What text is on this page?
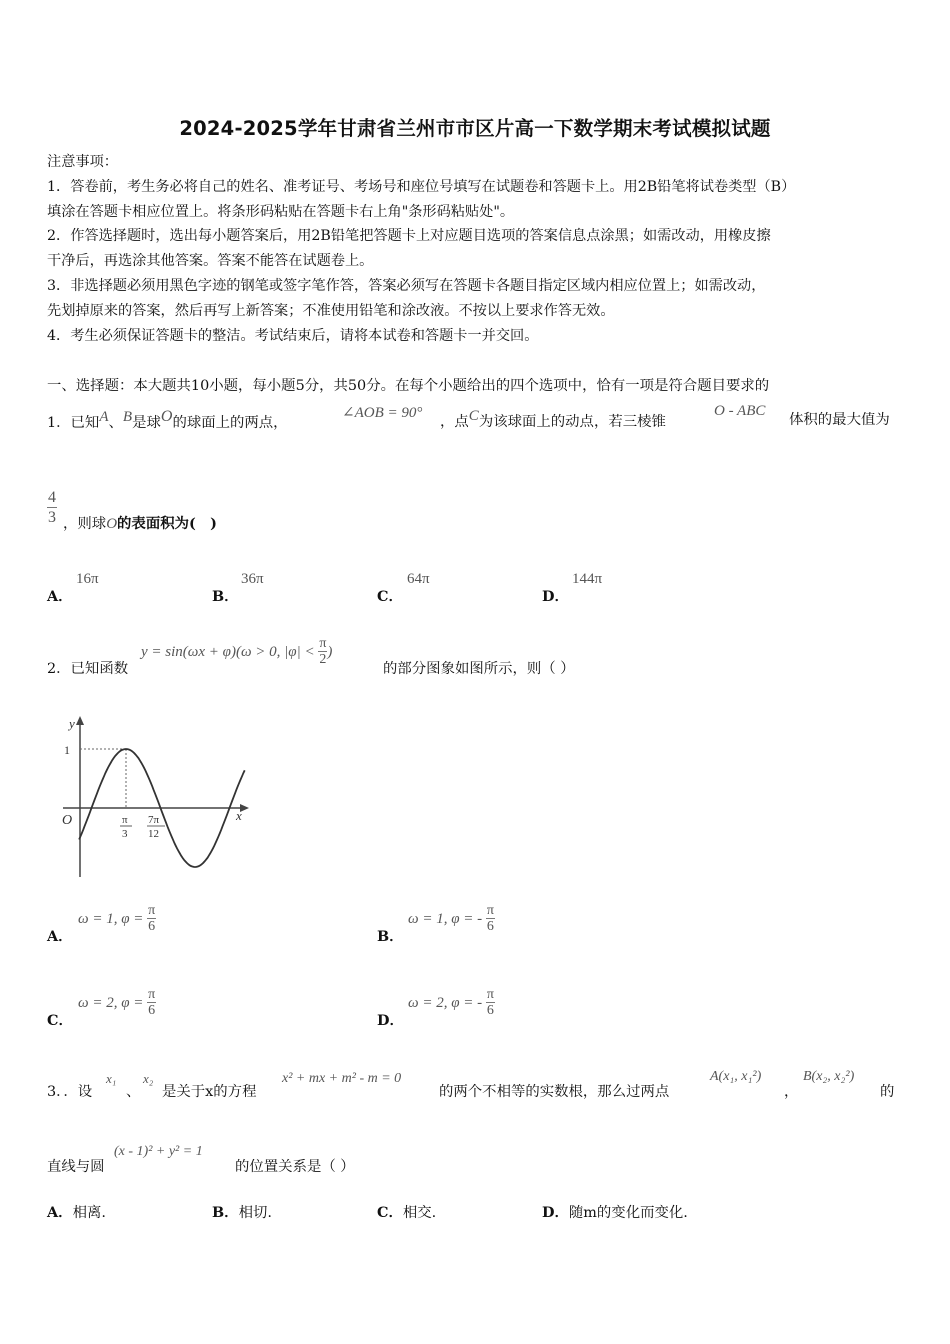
2024-2025学年甘肃省兰州市市区片高一下数学期末考试模拟试题
注意事项：
1．答卷前，考生务必将自己的姓名、准考证号、考场号和座位号填写在试题卷和答题卡上。用2B铅笔将试卷类型（B）
填涂在答题卡相应位置上。将条形码粘贴在答题卡右上角"条形码粘贴处"。
2．作答选择题时，选出每小题答案后，用2B铅笔把答题卡上对应题目选项的答案信息点涂黑；如需改动，用橡皮擦
干净后，再选涂其他答案。答案不能答在试题卷上。
3．非选择题必须用黑色字迹的钢笔或签字笔作答，答案必须写在答题卡各题目指定区域内相应位置上；如需改动，
先划掉原来的答案，然后再写上新答案；不准使用铅笔和涂改液。不按以上要求作答无效。
4．考生必须保证答题卡的整洁。考试结束后，请将本试卷和答题卡一并交回。
一、选择题：本大题共10小题，每小题5分，共50分。在每个小题给出的四个选项中，恰有一项是符合题目要求的
1．已知$^A$、$^B$是球$^O$的球面上的两点，
∠AOB = 90°
，点$^C$为该球面上的动点，若三棱锥
O - ABC
体积的最大值为
$\frac{4}{3}$ ，则球O的表面积为(　)
A．
16π
B．
36π
C．
64π
D．
144π
2．已知函数
y = sin(ωx + φ)(ω > 0, $|\varphi| < \frac{\pi}{2}$ )
的部分图象如图所示，则（ ）
y
x
O
1
π
3
7π
12
A．
ω = 1, $\varphi = \frac{\pi}{6}$
B．
ω = 1, φ = - $\frac{\pi}{6}$
C．
ω = 2, $\varphi = \frac{\pi}{6}$
D．
ω = 2, φ = - $\frac{\pi}{6}$
3．．设
x₁
、
x₂
是关于x的方程
x² + mx + m² - m = 0
的两个不相等的实数根，那么过两点
A(x₁, x₁²)
，
B(x₂, x₂²)
的
直线与圆
(x - 1)² + y² = 1
的位置关系是（ ）
A．相离.	B．相切.	C．相交.	D．随m的变化而变化.
